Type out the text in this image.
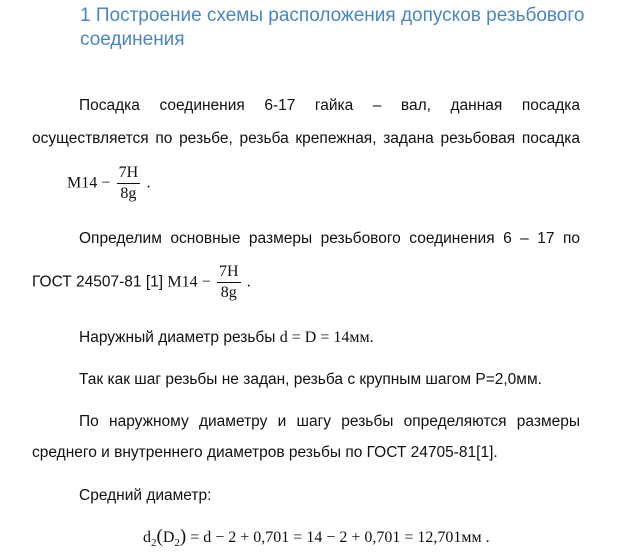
1 Построение схемы расположения допусков резьбового соединения
Посадка соединения 6-17 гайка – вал, данная посадка
осуществляется по резьбе, резьба крепежная, задана резьбовая посадка
$M14 - \frac{7H}{8g}$ .
Определим основные размеры резьбового соединения 6 – 17 по
ГОСТ 24507-81 [1] $M14 - \frac{7H}{8g}$ .
Наружный диаметр резьбы d = D = 14мм.
Так как шаг резьбы не задан, резьба с крупным шагом P=2,0мм.
По наружному диаметру и шагу резьбы определяются размеры
среднего и внутреннего диаметров резьбы по ГОСТ 24705-81[1].
Средний диаметр:
$d_2(D_2) = d - 2 + 0,701 = 14 - 2 + 0,701 = 12,701мм$ .
